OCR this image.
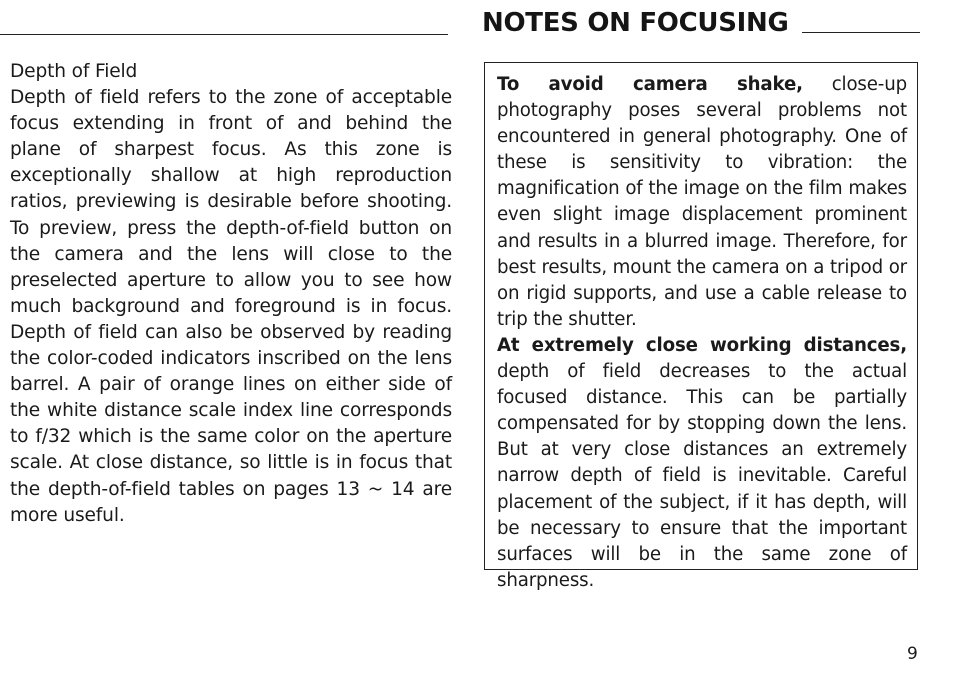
NOTES ON FOCUSING
Depth of Field

Depth of field refers to the zone of acceptable focus extending in front of and behind the plane of sharpest focus. As this zone is exceptionally shallow at high reproduction ratios, previewing is desirable before shooting. To preview, press the depth-of-field button on the camera and the lens will close to the preselected aperture to allow you to see how much background and foreground is in focus. Depth of field can also be observed by reading the color-coded indicators inscribed on the lens barrel. A pair of orange lines on either side of the white distance scale index line corresponds to f/32 which is the same color on the aperture scale. At close distance, so little is in focus that the depth-of-field tables on pages 13 ~ 14 are more useful.

To avoid camera shake, close-up photography poses several problems not encountered in general photography. One of these is sensitivity to vibration: the magnification of the image on the film makes even slight image displacement prominent and results in a blurred image. Therefore, for best results, mount the camera on a tripod or on rigid supports, and use a cable release to trip the shutter.

At extremely close working distances, depth of field decreases to the actual focused distance. This can be partially compensated for by stopping down the lens. But at very close distances an extremely narrow depth of field is inevitable. Careful placement of the subject, if it has depth, will be necessary to ensure that the important surfaces will be in the same zone of sharpness.

9
